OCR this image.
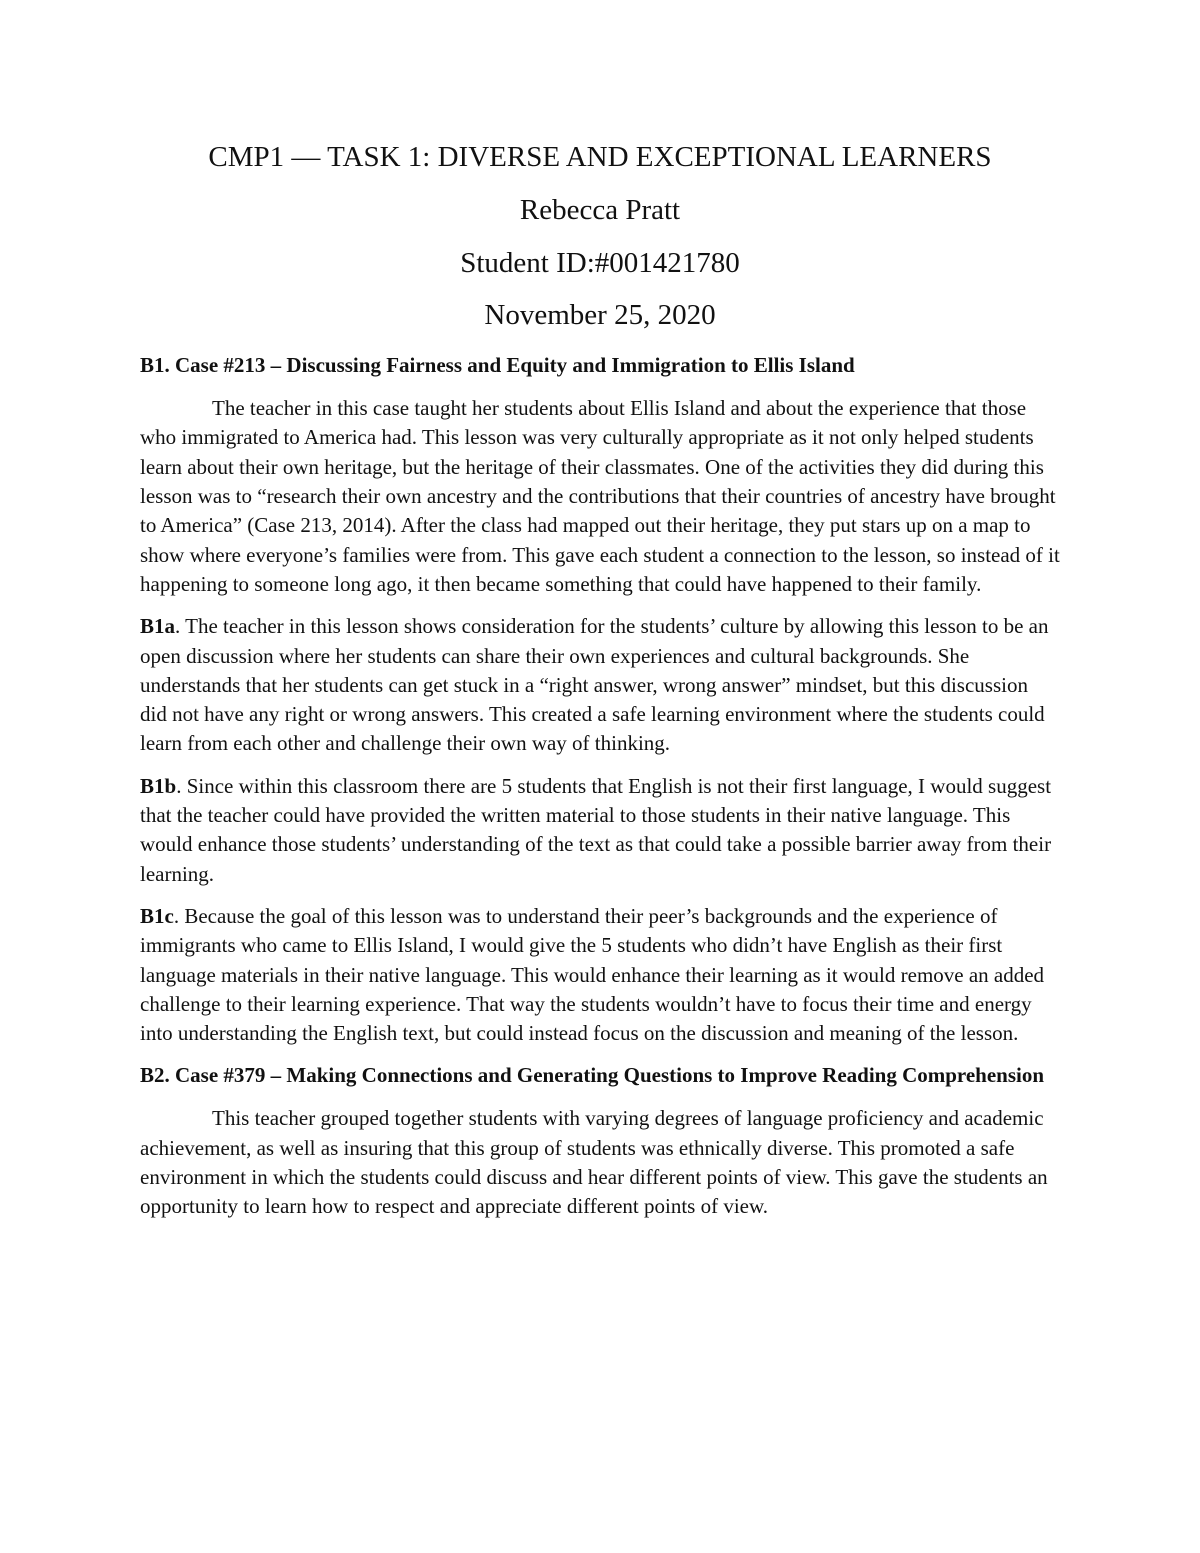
CMP1 — TASK 1: DIVERSE AND EXCEPTIONAL LEARNERS
Rebecca Pratt
Student ID:#001421780
November 25, 2020
B1. Case #213 – Discussing Fairness and Equity and Immigration to Ellis Island

The teacher in this case taught her students about Ellis Island and about the experience that those who immigrated to America had. This lesson was very culturally appropriate as it not only helped students learn about their own heritage, but the heritage of their classmates. One of the activities they did during this lesson was to “research their own ancestry and the contributions that their countries of ancestry have brought to America” (Case 213, 2014). After the class had mapped out their heritage, they put stars up on a map to show where everyone’s families were from. This gave each student a connection to the lesson, so instead of it happening to someone long ago, it then became something that could have happened to their family.

B1a. The teacher in this lesson shows consideration for the students’ culture by allowing this lesson to be an open discussion where her students can share their own experiences and cultural backgrounds. She understands that her students can get stuck in a “right answer, wrong answer” mindset, but this discussion did not have any right or wrong answers. This created a safe learning environment where the students could learn from each other and challenge their own way of thinking.

B1b. Since within this classroom there are 5 students that English is not their first language, I would suggest that the teacher could have provided the written material to those students in their native language. This would enhance those students’ understanding of the text as that could take a possible barrier away from their learning.

B1c. Because the goal of this lesson was to understand their peer’s backgrounds and the experience of immigrants who came to Ellis Island, I would give the 5 students who didn’t have English as their first language materials in their native language. This would enhance their learning as it would remove an added challenge to their learning experience. That way the students wouldn’t have to focus their time and energy into understanding the English text, but could instead focus on the discussion and meaning of the lesson.

B2. Case #379 – Making Connections and Generating Questions to Improve Reading Comprehension

This teacher grouped together students with varying degrees of language proficiency and academic achievement, as well as insuring that this group of students was ethnically diverse. This promoted a safe environment in which the students could discuss and hear different points of view. This gave the students an opportunity to learn how to respect and appreciate different points of view.
